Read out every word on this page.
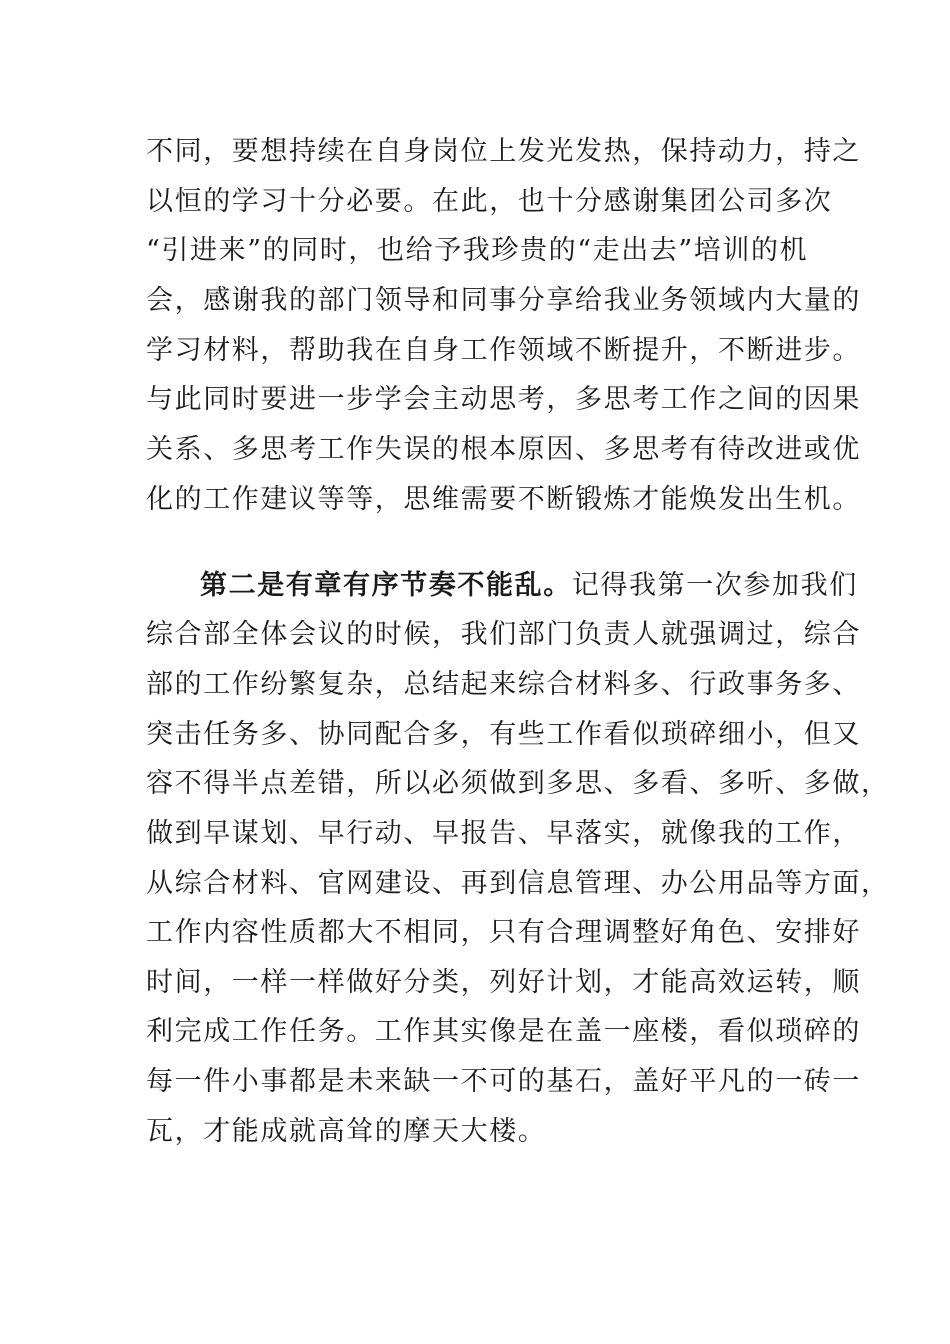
不同，要想持续在自身岗位上发光发热，保持动力，持之
以恒的学习十分必要。在此，也十分感谢集团公司多次
“引进来”的同时，也给予我珍贵的“走出去”培训的机
会，感谢我的部门领导和同事分享给我业务领域内大量的
学习材料，帮助我在自身工作领域不断提升，不断进步。
与此同时要进一步学会主动思考，多思考工作之间的因果
关系、多思考工作失误的根本原因、多思考有待改进或优
化的工作建议等等，思维需要不断锻炼才能焕发出生机。
第二是有章有序节奏不能乱。记得我第一次参加我们
综合部全体会议的时候，我们部门负责人就强调过，综合
部的工作纷繁复杂，总结起来综合材料多、行政事务多、
突击任务多、协同配合多，有些工作看似琐碎细小，但又
容不得半点差错，所以必须做到多思、多看、多听、多做，
做到早谋划、早行动、早报告、早落实，就像我的工作，
从综合材料、官网建设、再到信息管理、办公用品等方面，
工作内容性质都大不相同，只有合理调整好角色、安排好
时间，一样一样做好分类，列好计划，才能高效运转，顺
利完成工作任务。工作其实像是在盖一座楼，看似琐碎的
每一件小事都是未来缺一不可的基石，盖好平凡的一砖一
瓦，才能成就高耸的摩天大楼。
